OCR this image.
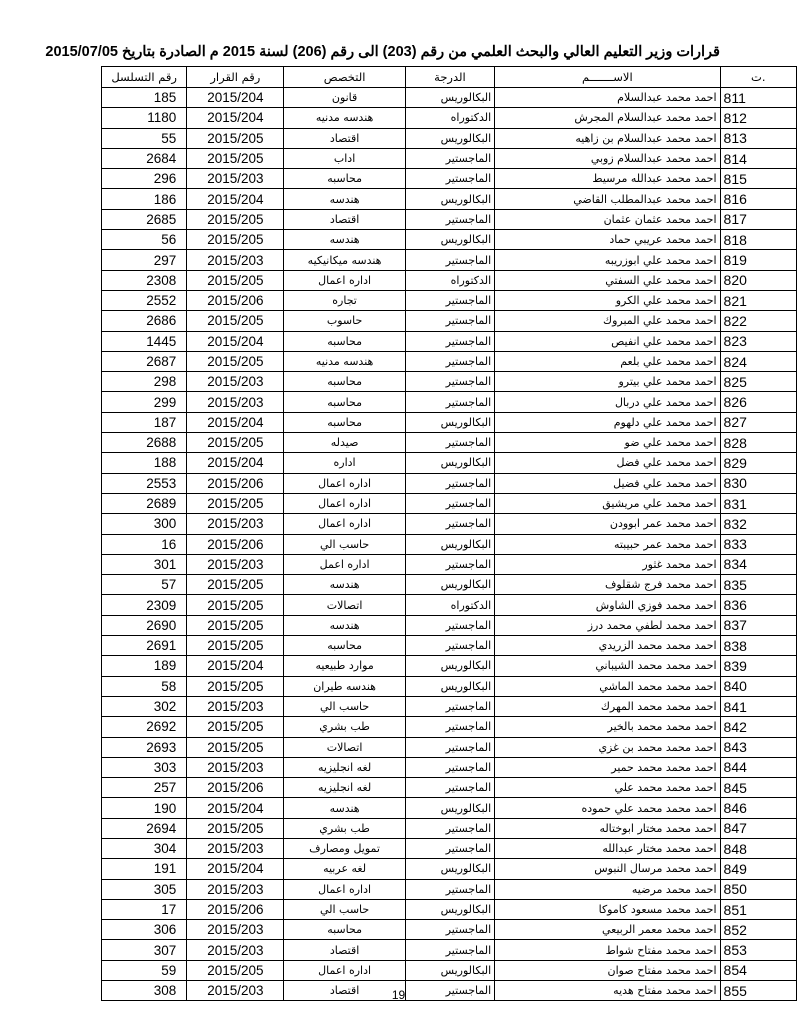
قرارات وزير التعليم العالي والبحث العلمي من رقم (203) الى رقم (206) لسنة 2015 م الصادرة بتاريخ 2015/07/05
ت.	الاســـــــم	الدرجة	التخصص	رقم القرار	رقم التسلسل
811	احمد محمد عبدالسلام	البكالوريس	قانون	2015/204	185
812	احمد محمد عبدالسلام المجرش	الدكتوراه	هندسه مدنيه	2015/204	1180
813	احمد محمد عبدالسلام بن زاهيه	البكالوريس	اقتصاد	2015/205	55
814	احمد محمد عبدالسلام زوبي	الماجستير	اداب	2015/205	2684
815	احمد محمد عبدالله مرسيط	الماجستير	محاسبه	2015/203	296
816	احمد محمد عبدالمطلب القاضي	البكالوريس	هندسه	2015/204	186
817	احمد محمد عثمان عثمان	الماجستير	اقتصاد	2015/205	2685
818	احمد محمد عريبي حماد	البكالوريس	هندسه	2015/205	56
819	احمد محمد علي ابوزريبه	الماجستير	هندسه ميكانيكيه	2015/203	297
820	احمد محمد علي السفتي	الدكتوراه	اداره اعمال	2015/205	2308
821	احمد محمد علي الكرو	الماجستير	تجاره	2015/206	2552
822	احمد محمد علي المبروك	الماجستير	حاسوب	2015/205	2686
823	احمد محمد علي انفيص	الماجستير	محاسبه	2015/204	1445
824	احمد محمد علي بلعم	الماجستير	هندسه مدنيه	2015/205	2687
825	احمد محمد علي بيترو	الماجستير	محاسبه	2015/203	298
826	احمد محمد علي دربال	الماجستير	محاسبه	2015/203	299
827	احمد محمد علي دلهوم	البكالوريس	محاسبه	2015/204	187
828	احمد محمد علي ضو	الماجستير	صيدله	2015/205	2688
829	احمد محمد علي فضل	البكالوريس	اداره	2015/204	188
830	احمد محمد علي فضيل	الماجستير	اداره اعمال	2015/206	2553
831	احمد محمد علي مريشيق	الماجستير	اداره اعمال	2015/205	2689
832	احمد محمد عمر ابوودن	الماجستير	اداره اعمال	2015/203	300
833	احمد محمد عمر حبيبته	البكالوريس	حاسب الي	2015/206	16
834	احمد محمد غثور	الماجستير	اداره اعمل	2015/203	301
835	احمد محمد فرج شقلوف	البكالوريس	هندسه	2015/205	57
836	احمد محمد فوزي الشاوش	الدكتوراه	اتصالات	2015/205	2309
837	احمد محمد لطفي محمد درز	الماجستير	هندسه	2015/205	2690
838	احمد محمد محمد الزريدي	الماجستير	محاسبه	2015/205	2691
839	احمد محمد محمد الشيباني	البكالوريس	موارد طبيعيه	2015/204	189
840	احمد محمد محمد الماشي	البكالوريس	هندسه طيران	2015/205	58
841	احمد محمد محمد المهرك	الماجستير	حاسب الي	2015/203	302
842	احمد محمد محمد بالخير	الماجستير	طب بشري	2015/205	2692
843	احمد محمد محمد بن غزي	الماجستير	اتصالات	2015/205	2693
844	احمد محمد محمد حمير	الماجستير	لغه انجليزيه	2015/203	303
845	احمد محمد محمد علي	الماجستير	لغه انجليزيه	2015/206	257
846	احمد محمد محمد علي حموده	البكالوريس	هندسه	2015/204	190
847	احمد محمد مختار ابوختاله	الماجستير	طب بشري	2015/205	2694
848	احمد محمد مختار عبدالله	الماجستير	تمويل ومصارف	2015/203	304
849	احمد محمد مرسال النبوس	البكالوريس	لغه عربيه	2015/204	191
850	احمد محمد مرضيه	الماجستير	اداره اعمال	2015/203	305
851	احمد محمد مسعود كاموكا	البكالوريس	حاسب الي	2015/206	17
852	احمد محمد معمر الربيعي	الماجستير	محاسبه	2015/203	306
853	احمد محمد مفتاح شواط	الماجستير	اقتصاد	2015/203	307
854	احمد محمد مفتاح صوان	البكالوريس	اداره اعمال	2015/205	59
855	احمد محمد مفتاح هديه	الماجستير	اقتصاد	2015/203	308	19
